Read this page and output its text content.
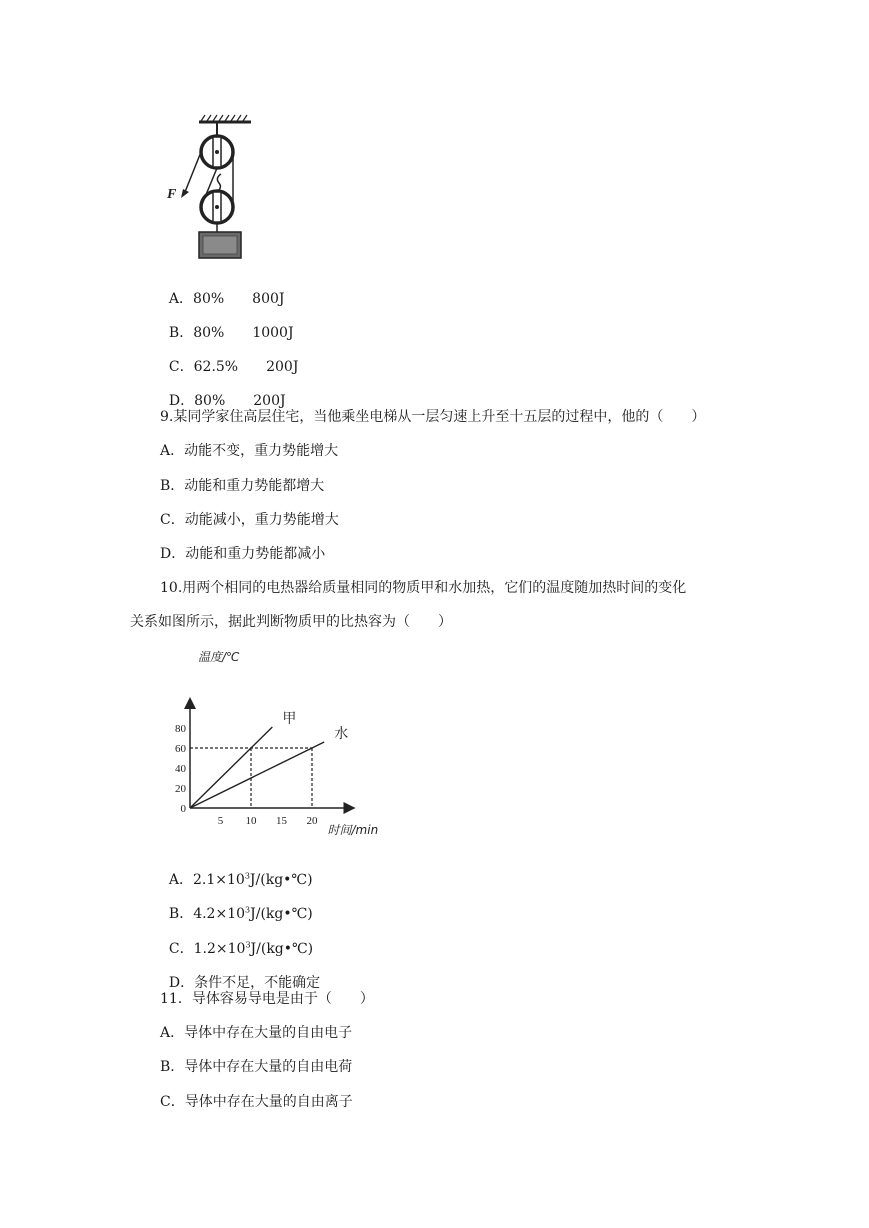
F

A．80% 800J

B．80% 1000J

C．62.5% 200J

D．80% 200J

9.某同学家住高层住宅，当他乘坐电梯从一层匀速上升至十五层的过程中，他的（　　）
A．动能不变，重力势能增大
B．动能和重力势能都增大
C．动能减小，重力势能增大
D．动能和重力势能都减小
10.用两个相同的电热器给质量相同的物质甲和水加热，它们的温度随加热时间的变化
关系如图所示，据此判断物质甲的比热容为（　　）
0
20
40
60
80
5 10 15 20
甲
水
温度/℃
时间/min

A．$2.1\times 10^3J/(kg•℃)$

B．$4.2\times 10^3J/(kg•℃)$

C．$1.2\times 10^3J/(kg•℃)$

D．条件不足，不能确定

11．导体容易导电是由于（　　）
A．导体中存在大量的自由电子
B．导体中存在大量的自由电荷
C．导体中存在大量的自由离子
